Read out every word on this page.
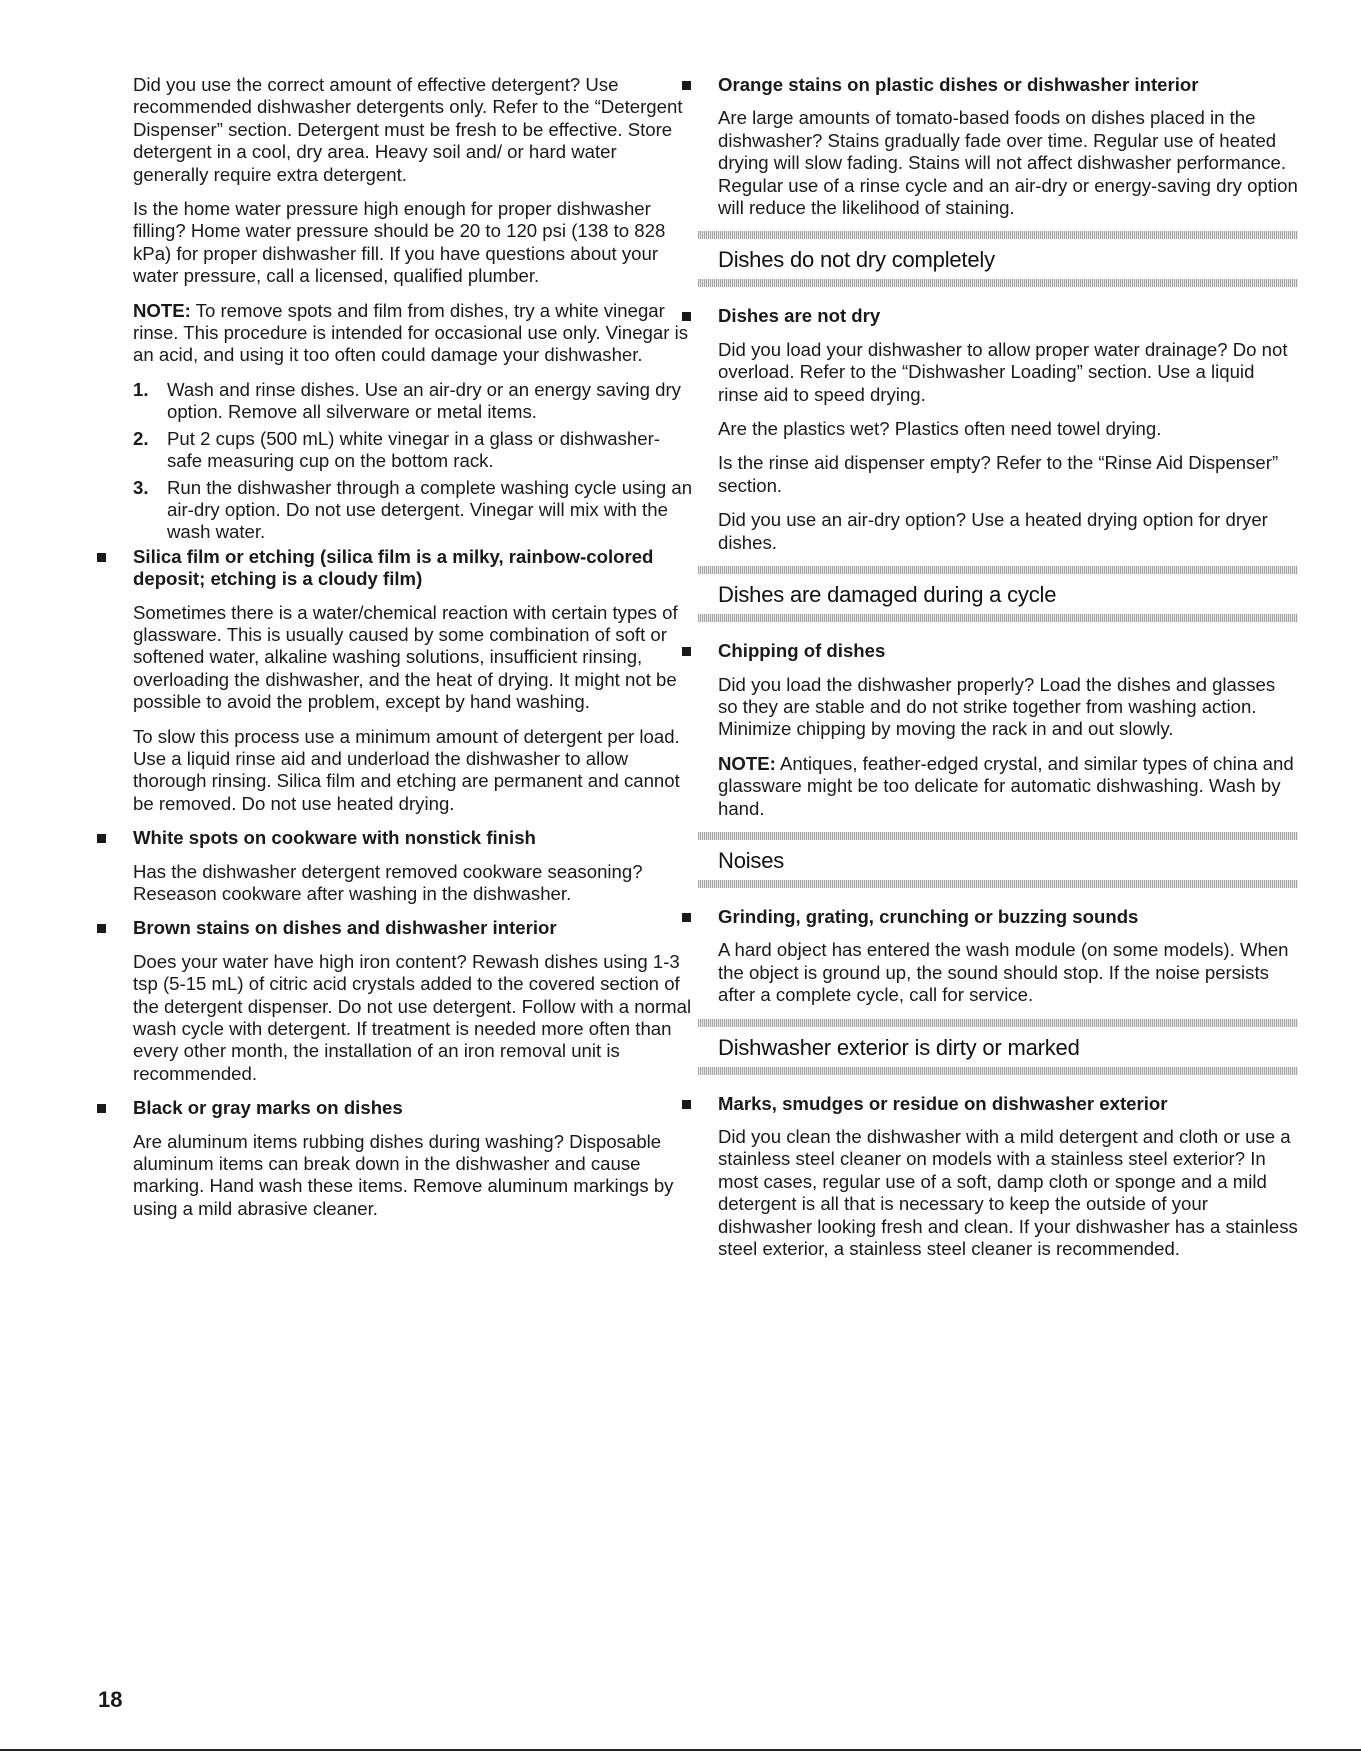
Did you use the correct amount of effective detergent? Use recommended dishwasher detergents only. Refer to the “Detergent Dispenser” section. Detergent must be fresh to be effective. Store detergent in a cool, dry area. Heavy soil and/ or hard water generally require extra detergent.

Is the home water pressure high enough for proper dishwasher filling? Home water pressure should be 20 to 120 psi (138 to 828 kPa) for proper dishwasher fill. If you have questions about your water pressure, call a licensed, qualified plumber.

NOTE: To remove spots and film from dishes, try a white vinegar rinse. This procedure is intended for occasional use only. Vinegar is an acid, and using it too often could damage your dishwasher.

1. Wash and rinse dishes. Use an air-dry or an energy saving dry option. Remove all silverware or metal items.
2. Put 2 cups (500 mL) white vinegar in a glass or dishwasher-safe measuring cup on the bottom rack.
3. Run the dishwasher through a complete washing cycle using an air-dry option. Do not use detergent. Vinegar will mix with the wash water.
Silica film or etching (silica film is a milky, rainbow-colored deposit; etching is a cloudy film)

Sometimes there is a water/chemical reaction with certain types of glassware. This is usually caused by some combination of soft or softened water, alkaline washing solutions, insufficient rinsing, overloading the dishwasher, and the heat of drying. It might not be possible to avoid the problem, except by hand washing.

To slow this process use a minimum amount of detergent per load. Use a liquid rinse aid and underload the dishwasher to allow thorough rinsing. Silica film and etching are permanent and cannot be removed. Do not use heated drying.

White spots on cookware with nonstick finish

Has the dishwasher detergent removed cookware seasoning? Reseason cookware after washing in the dishwasher.

Brown stains on dishes and dishwasher interior

Does your water have high iron content? Rewash dishes using 1-3 tsp (5-15 mL) of citric acid crystals added to the covered section of the detergent dispenser. Do not use detergent. Follow with a normal wash cycle with detergent. If treatment is needed more often than every other month, the installation of an iron removal unit is recommended.

Black or gray marks on dishes

Are aluminum items rubbing dishes during washing? Disposable aluminum items can break down in the dishwasher and cause marking. Hand wash these items. Remove aluminum markings by using a mild abrasive cleaner.

Orange stains on plastic dishes or dishwasher interior

Are large amounts of tomato-based foods on dishes placed in the dishwasher? Stains gradually fade over time. Regular use of heated drying will slow fading. Stains will not affect dishwasher performance. Regular use of a rinse cycle and an air-dry or energy-saving dry option will reduce the likelihood of staining.

Dishes do not dry completely
Dishes are not dry

Did you load your dishwasher to allow proper water drainage? Do not overload. Refer to the “Dishwasher Loading” section. Use a liquid rinse aid to speed drying.

Are the plastics wet? Plastics often need towel drying.

Is the rinse aid dispenser empty? Refer to the “Rinse Aid Dispenser” section.

Did you use an air-dry option? Use a heated drying option for dryer dishes.

Dishes are damaged during a cycle
Chipping of dishes

Did you load the dishwasher properly? Load the dishes and glasses so they are stable and do not strike together from washing action. Minimize chipping by moving the rack in and out slowly.

NOTE: Antiques, feather-edged crystal, and similar types of china and glassware might be too delicate for automatic dishwashing. Wash by hand.

Noises
Grinding, grating, crunching or buzzing sounds

A hard object has entered the wash module (on some models). When the object is ground up, the sound should stop. If the noise persists after a complete cycle, call for service.

Dishwasher exterior is dirty or marked
Marks, smudges or residue on dishwasher exterior

Did you clean the dishwasher with a mild detergent and cloth or use a stainless steel cleaner on models with a stainless steel exterior? In most cases, regular use of a soft, damp cloth or sponge and a mild detergent is all that is necessary to keep the outside of your dishwasher looking fresh and clean. If your dishwasher has a stainless steel exterior, a stainless steel cleaner is recommended.

18
